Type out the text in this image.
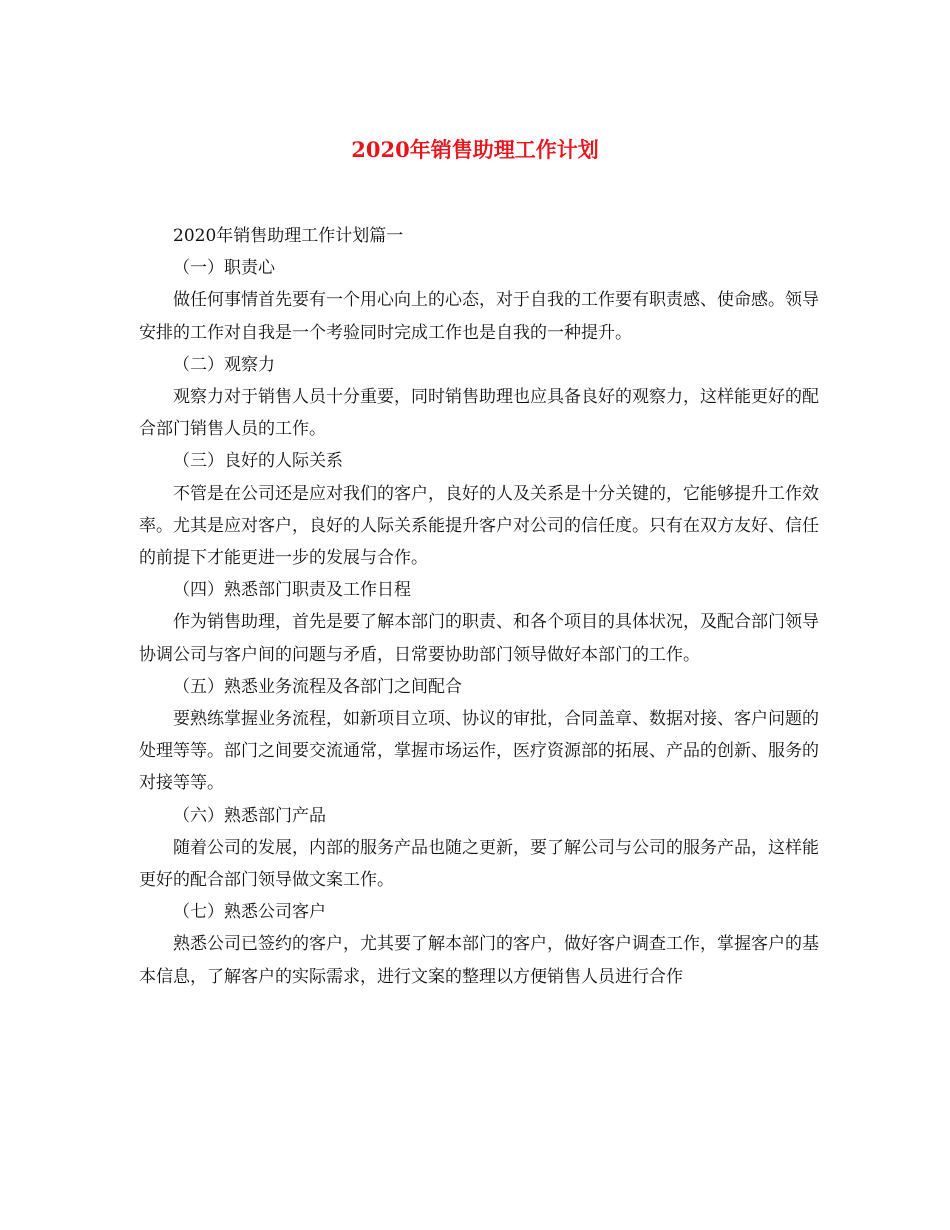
2020年销售助理工作计划

2020年销售助理工作计划篇一

（一）职责心

做任何事情首先要有一个用心向上的心态，对于自我的工作要有职责感、使命感。领导安排的工作对自我是一个考验同时完成工作也是自我的一种提升。

（二）观察力

观察力对于销售人员十分重要，同时销售助理也应具备良好的观察力，这样能更好的配合部门销售人员的工作。

（三）良好的人际关系

不管是在公司还是应对我们的客户，良好的人及关系是十分关键的，它能够提升工作效率。尤其是应对客户，良好的人际关系能提升客户对公司的信任度。只有在双方友好、信任的前提下才能更进一步的发展与合作。

（四）熟悉部门职责及工作日程

作为销售助理，首先是要了解本部门的职责、和各个项目的具体状况，及配合部门领导协调公司与客户间的问题与矛盾，日常要协助部门领导做好本部门的工作。

（五）熟悉业务流程及各部门之间配合

要熟练掌握业务流程，如新项目立项、协议的审批，合同盖章、数据对接、客户问题的处理等等。部门之间要交流通常，掌握市场运作，医疗资源部的拓展、产品的创新、服务的对接等等。

（六）熟悉部门产品

随着公司的发展，内部的服务产品也随之更新，要了解公司与公司的服务产品，这样能更好的配合部门领导做文案工作。

（七）熟悉公司客户

熟悉公司已签约的客户，尤其要了解本部门的客户，做好客户调查工作，掌握客户的基本信息，了解客户的实际需求，进行文案的整理以方便销售人员进行合作
